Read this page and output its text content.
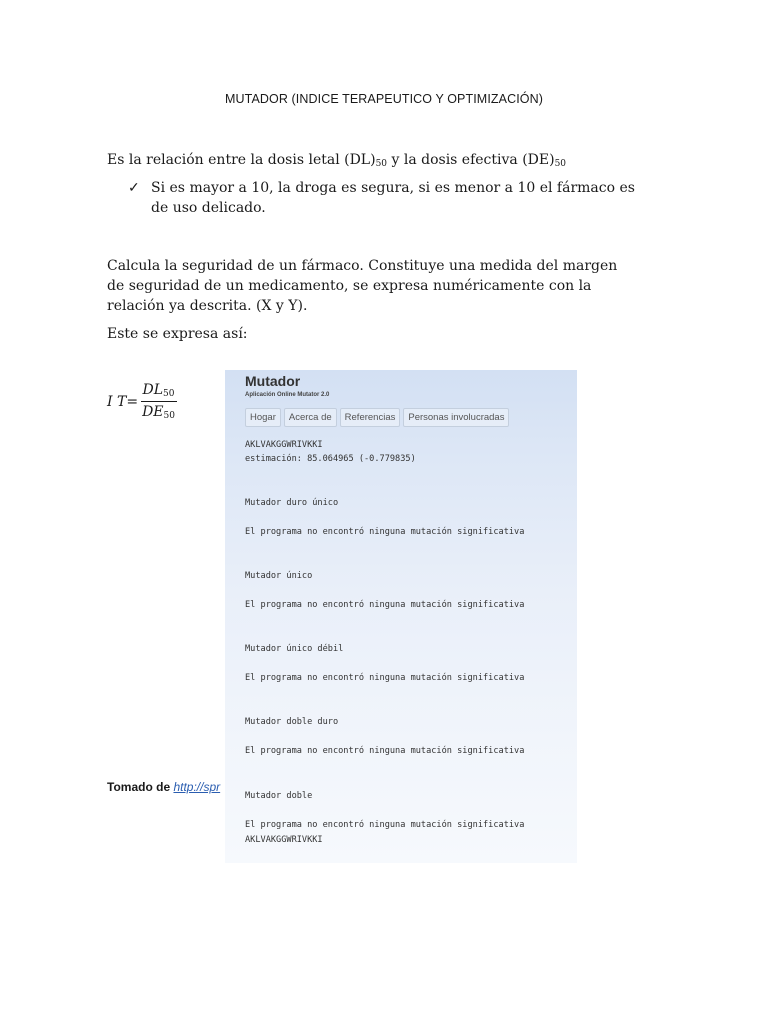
MUTADOR (INDICE TERAPEUTICO Y OPTIMIZACIÓN)
Es la relación entre la dosis letal $(DL)_{50}$ y la dosis efectiva $(DE)_{50}$
✓ Si es mayor a 10, la droga es segura, si es menor a 10 el fármaco es de uso delicado.
Calcula la seguridad de un fármaco. Constituye una medida del margen de seguridad de un medicamento, se expresa numéricamente con la relación ya descrita. (X y Y).
Este se expresa así:
I $T = \frac{DL_{50}}{DE_{50}}$
Tomado de http://spr
Mutador
Aplicación Online Mutator 2.0
Hogar	Acerca de	Referencias	Personas involucradas
AKLVAKGGWRIVKKI
estimación: 85.064965 (-0.779835)
Mutador duro único
El programa no encontró ninguna mutación significativa
Mutador único
El programa no encontró ninguna mutación significativa
Mutador único débil
El programa no encontró ninguna mutación significativa
Mutador doble duro
El programa no encontró ninguna mutación significativa
Mutador doble
El programa no encontró ninguna mutación significativa
AKLVAKGGWRIVKKI
